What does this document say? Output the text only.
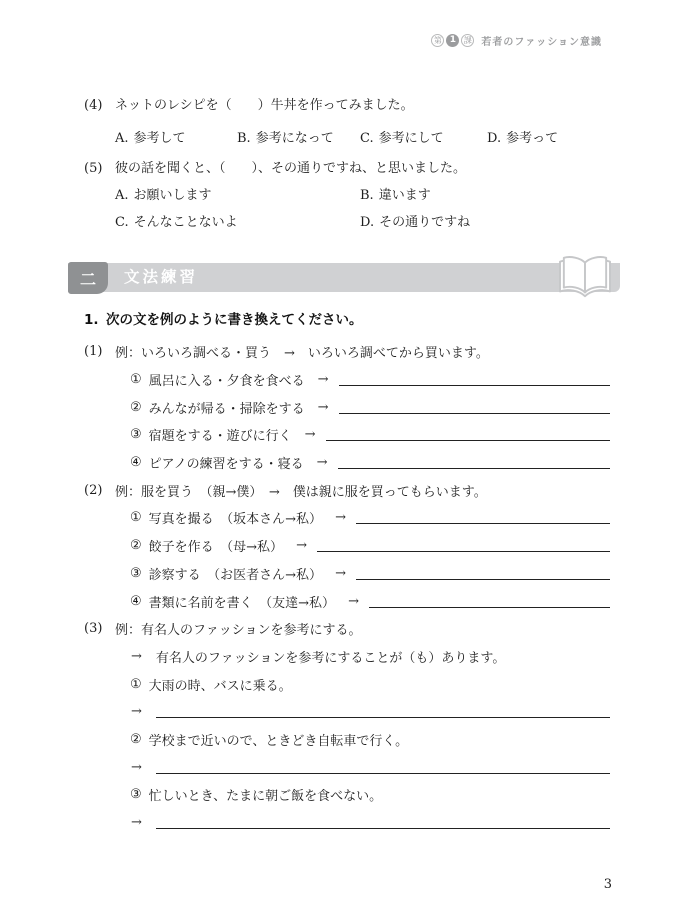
第 1 課 若者のファッション意識
(4) ネットのレシピを（　　）牛丼を作ってみました。
A. 参考して	B. 参考になって C. 参考にして	D. 参考って
(5) 彼の話を聞くと、（　　）、その通りですね、と思いました。
A. お願いします	B. 違います
C. そんなことないよ	D. その通りですね
二 文法練習
1. 次の文を例のように書き換えてください。
(1) 例： いろいろ調べる・買う　→　いろいろ調べてから買います。
① 風呂に入る・夕食を食べる →
② みんなが帰る・掃除をする →
③ 宿題をする・遊びに行く →
④ ピアノの練習をする・寝る →
(2) 例： 服を買う　（親→僕）　→　僕は親に服を買ってもらいます。
① 写真を撮る　（坂本さん→私） →
② 餃子を作る　（母→私） →
③ 診察する　（お医者さん→私） →
④ 書類に名前を書く　（友達→私） →
(3) 例： 有名人のファッションを参考にする。
→ 有名人のファッションを参考にすることが（も）あります。
① 大雨の時、バスに乗る。
→
② 学校まで近いので、ときどき自転車で行く。
→
③ 忙しいとき、たまに朝ご飯を食べない。
→
3
